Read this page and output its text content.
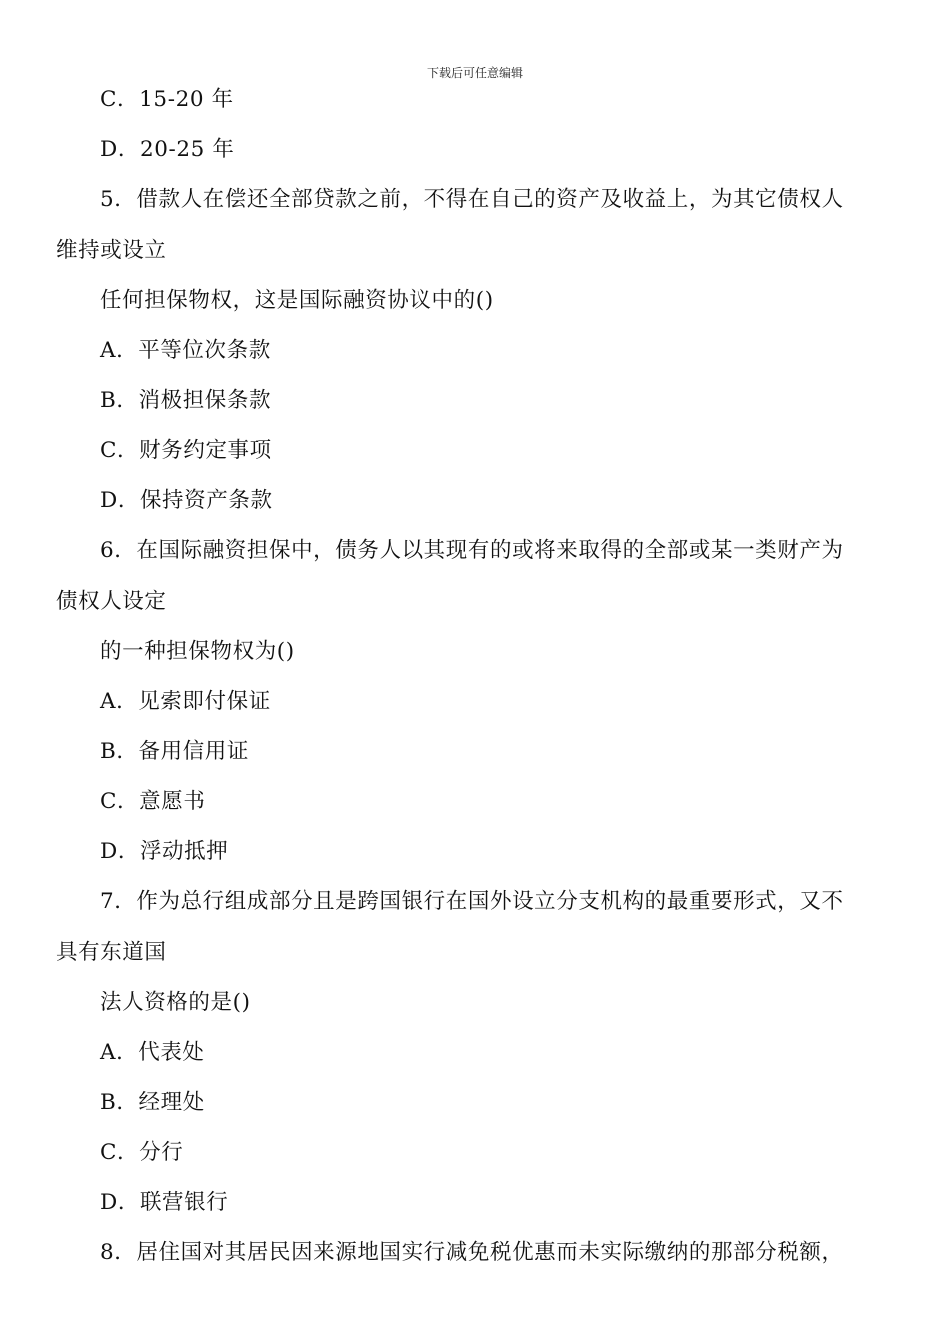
下载后可任意编辑
C．15-20 年
D．20-25 年
5．借款人在偿还全部贷款之前，不得在自己的资产及收益上，为其它债权人
维持或设立
任何担保物权，这是国际融资协议中的()
A．平等位次条款
B．消极担保条款
C．财务约定事项
D．保持资产条款
6．在国际融资担保中，债务人以其现有的或将来取得的全部或某一类财产为
债权人设定
的一种担保物权为()
A．见索即付保证
B．备用信用证
C．意愿书
D．浮动抵押
7．作为总行组成部分且是跨国银行在国外设立分支机构的最重要形式，又不
具有东道国
法人资格的是()
A．代表处
B．经理处
C．分行
D．联营银行
8．居住国对其居民因来源地国实行减免税优惠而未实际缴纳的那部分税额，
